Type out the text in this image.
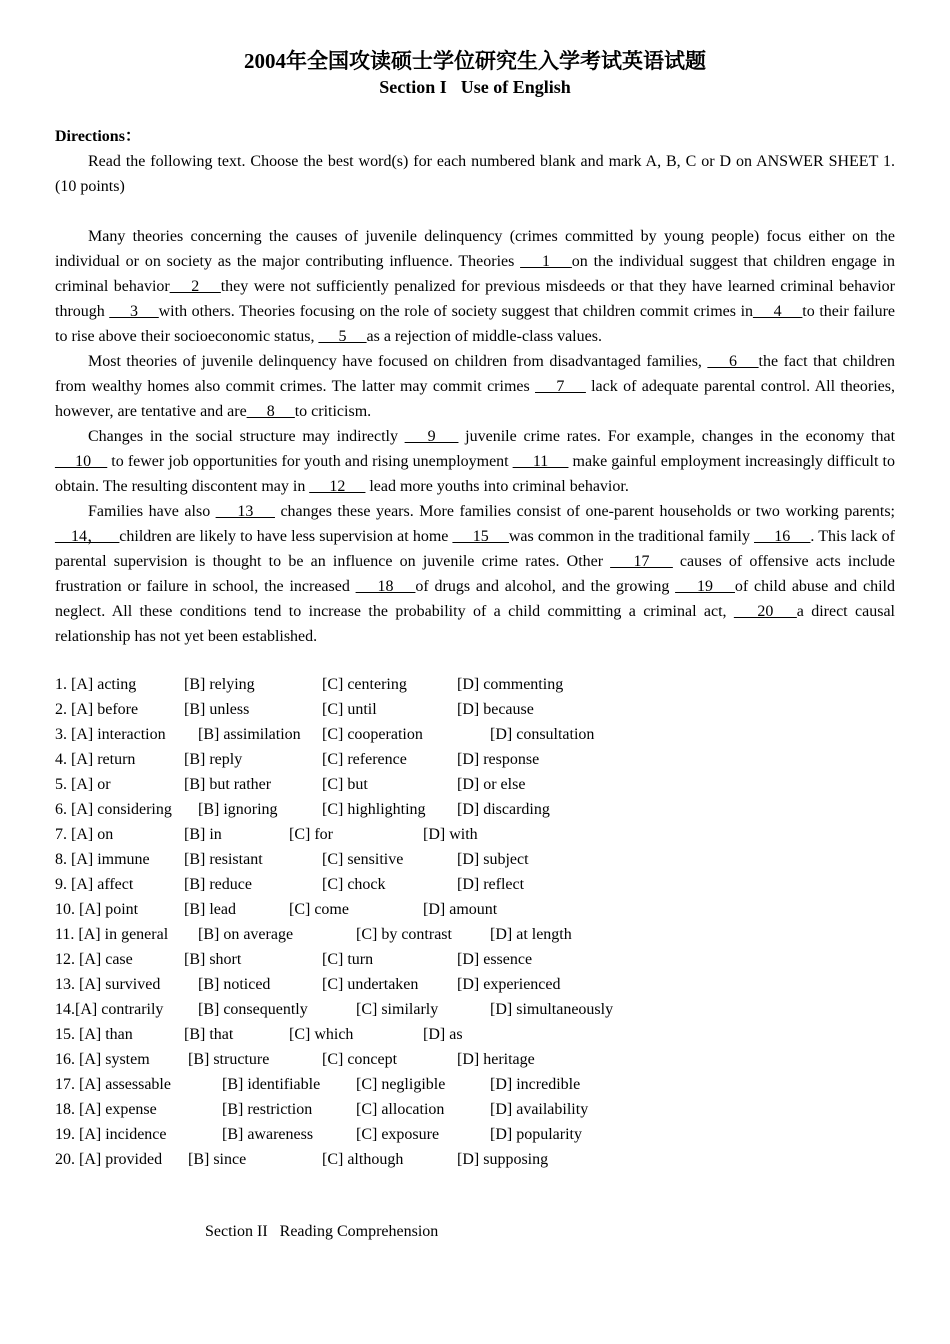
2004年全国攻读硕士学位研究生入学考试英语试题
Section I Use of English
Directions：

Read the following text. Choose the best word(s) for each numbered blank and mark A, B, C or D on ANSWER SHEET 1. (10 points)

Many theories concerning the causes of juvenile delinquency (crimes committed by young people) focus either on the individual or on society as the major contributing influence. Theories __ 1 __on the individual suggest that children engage in criminal behavior__ 2 __they were not sufficiently penalized for previous misdeeds or that they have learned criminal behavior through __ 3 __with others. Theories focusing on the role of society suggest that children commit crimes in__ 4 __to their failure to rise above their socioeconomic status, __ 5 __as a rejection of middle-class values.

Most theories of juvenile delinquency have focused on children from disadvantaged families, __ 6 __the fact that children from wealthy homes also commit crimes. The latter may commit crimes __ 7 __ lack of adequate parental control. All theories, however, are tentative and are__ 8 __to criticism.

Changes in the social structure may indirectly __ 9 __ juvenile crime rates. For example, changes in the economy that __ 10__ to fewer job opportunities for youth and rising unemployment __ 11 __ make gainful employment increasingly difficult to obtain. The resulting discontent may in __ 12 __ lead more youths into criminal behavior.

Families have also __ 13 __ changes these years. More families consist of one-parent households or two working parents; __14，__children are likely to have less supervision at home __ 15 __was common in the traditional family __ 16 __. This lack of parental supervision is thought to be an influence on juvenile crime rates. Other __ 17 __ causes of offensive acts include frustration or failure in school, the increased __ 18 __of drugs and alcohol, and the growing __ 19 __of child abuse and child neglect. All these conditions tend to increase the probability of a child committing a criminal act, __ 20 __a direct causal relationship has not yet been established.

1. [A] acting	[B] relying	[C] centering	[D] commenting
2. [A] before	[B] unless	[C] until	[D] because
3. [A] interaction [B] assimilation [C] cooperation	[D] consultation
4. [A] return	[B] reply	[C] reference	[D] response
5. [A] or	[B] but rather	[C] but	[D] or else
6. [A] considering [B] ignoring	[C] highlighting [D] discarding
7. [A] on	[B] in	[C] for	[D] with
8. [A] immune [B] resistant	[C] sensitive	[D] subject
9. [A] affect	[B] reduce	[C] chock	[D] reflect
10. [A] point	[B] lead	[C] come	[D] amount
11. [A] in general [B] on average	[C] by contrast [D] at length
12. [A] case	[B] short	[C] turn	[D] essence
13. [A] survived [B] noticed	[C] undertaken [D] experienced
14.[A] contrarily [B] consequently	[C] similarly	[D] simultaneously
15. [A] than	[B] that	[C] which	[D] as
16. [A] system [B] structure	[C] concept	[D] heritage
17. [A] assessable	[B] identifiable [C] negligible	[D] incredible
18. [A] expense	[B] restriction	[C] allocation	[D] availability
19. [A] incidence	[B] awareness	[C] exposure	[D] popularity
20. [A] provided [B] since	[C] although	[D] supposing
Section II Reading Comprehension
